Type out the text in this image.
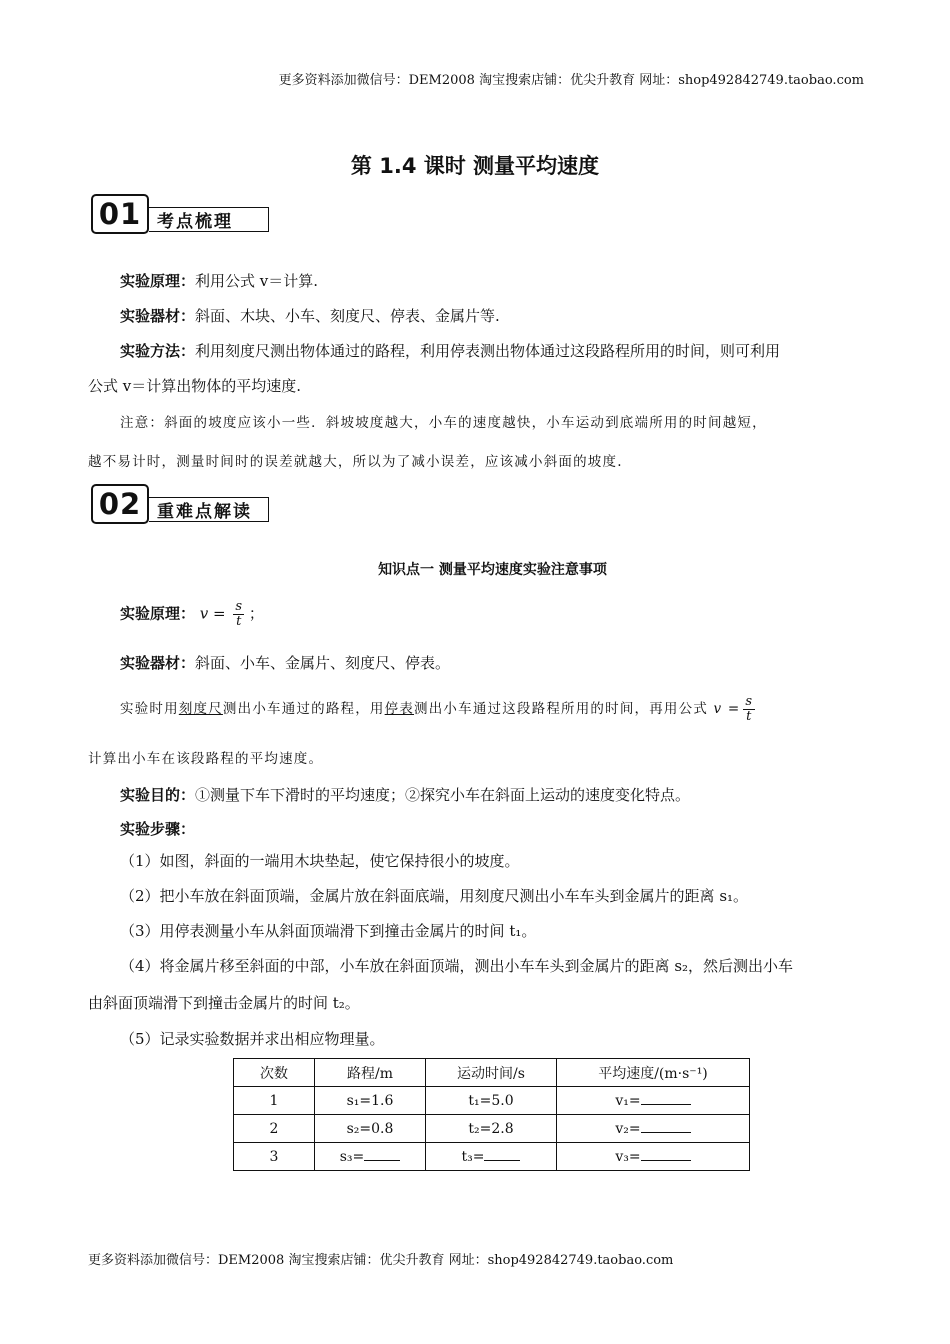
更多资料添加微信号：DEM2008 淘宝搜索店铺：优尖升教育 网址：shop492842749.taobao.com
第 1.4 课时 测量平均速度
01 考点梳理
实验原理：利用公式 v＝计算.
实验器材：斜面、木块、小车、刻度尺、停表、金属片等.
实验方法：利用刻度尺测出物体通过的路程，利用停表测出物体通过这段路程所用的时间，则可利用
公式 v＝计算出物体的平均速度.
注意：斜面的坡度应该小一些．斜坡坡度越大，小车的速度越快，小车运动到底端所用的时间越短，
越不易计时，测量时间时的误差就越大，所以为了减小误差，应该减小斜面的坡度.
02 重难点解读
知识点一 测量平均速度实验注意事项
实验原理： $v = \frac{s}{t}$ ；
实验器材：斜面、小车、金属片、刻度尺、停表。
实验时用刻度尺测出小车通过的路程，用停表测出小车通过这段路程所用的时间，再用公式 $v = \frac{s}{t}$
计算出小车在该段路程的平均速度。
实验目的：①测量下车下滑时的平均速度；②探究小车在斜面上运动的速度变化特点。
实验步骤：
（1）如图，斜面的一端用木块垫起，使它保持很小的坡度。
（2）把小车放在斜面顶端，金属片放在斜面底端，用刻度尺测出小车车头到金属片的距离 s₁。
（3）用停表测量小车从斜面顶端滑下到撞击金属片的时间 t₁。
（4）将金属片移至斜面的中部，小车放在斜面顶端，测出小车车头到金属片的距离 s₂，然后测出小车
由斜面顶端滑下到撞击金属片的时间 t₂。
（5）记录实验数据并求出相应物理量。
次数	路程/m	运动时间/s	平均速度/(m·s⁻¹)
1	s₁=1.6	t₁=5.0	v₁=
2	s₂=0.8	t₂=2.8	v₂=
3	s₃=	t₃=	v₃=
更多资料添加微信号：DEM2008 淘宝搜索店铺：优尖升教育 网址：shop492842749.taobao.com
